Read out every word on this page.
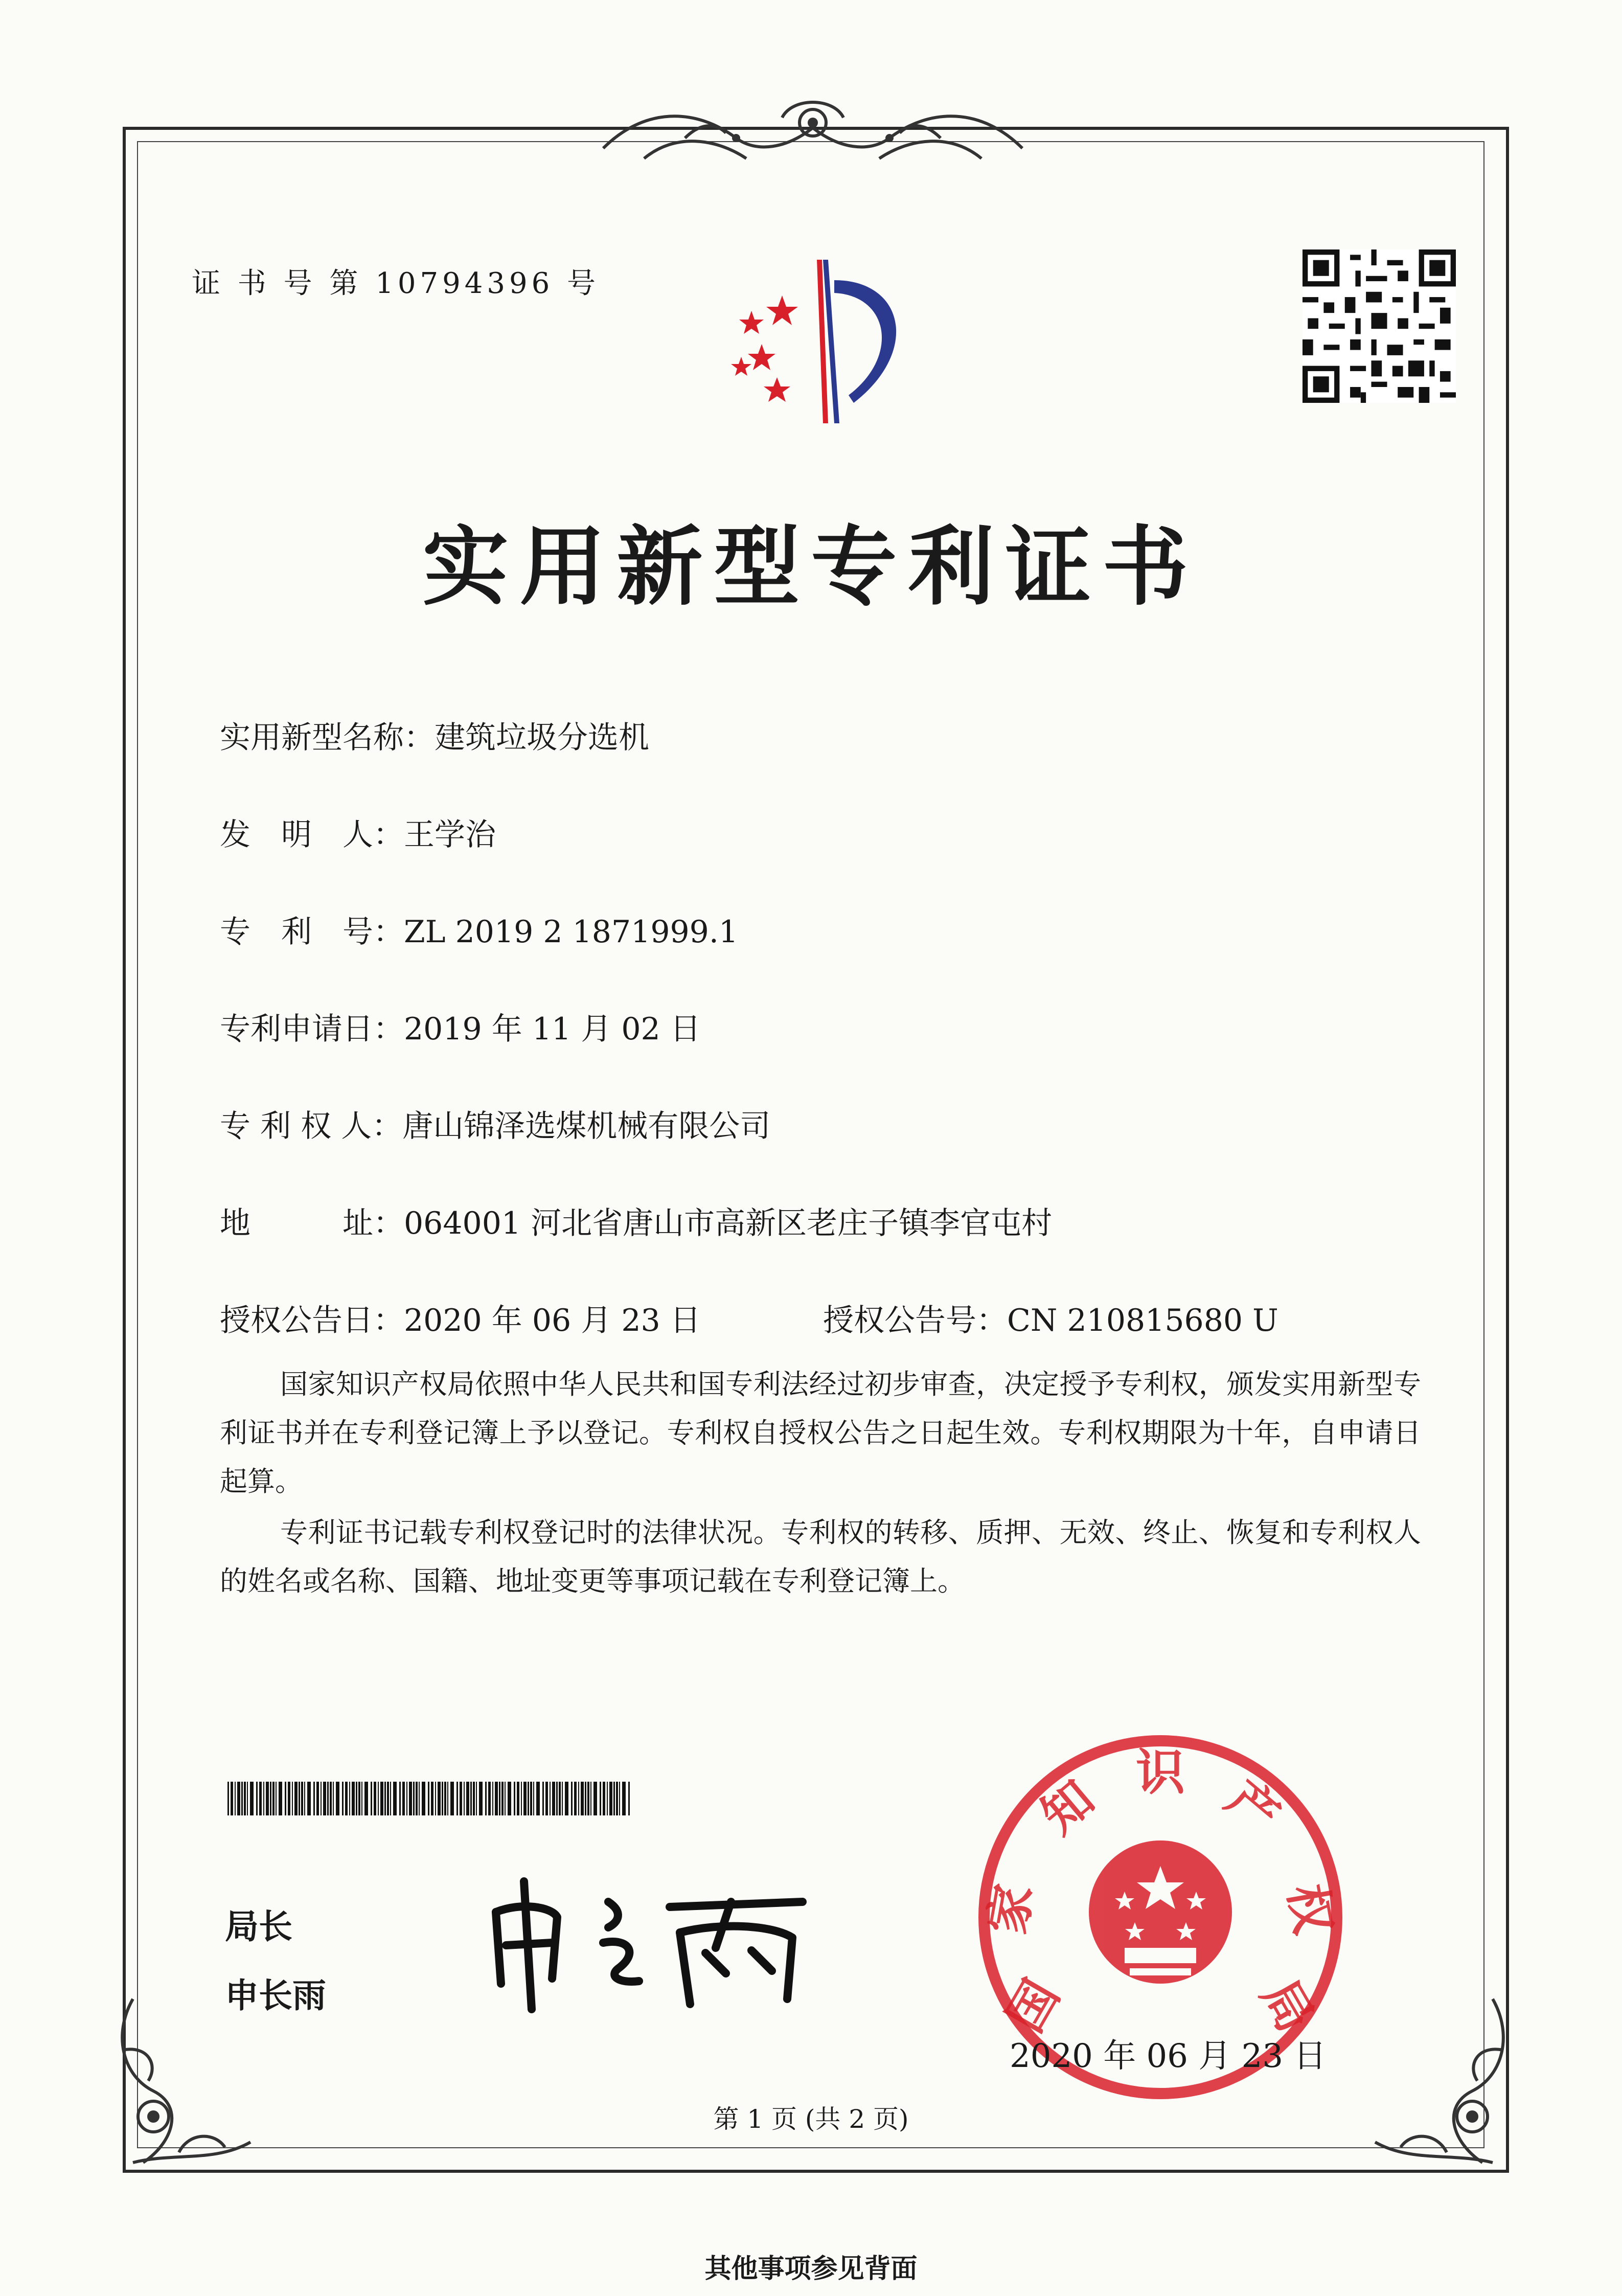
证 书 号 第 10794396 号
实用新型专利证书
实用新型名称：建筑垃圾分选机
发　明　人：王学治
专　利　号：ZL 2019 2 1871999.1
专利申请日：2019 年 11 月 02 日
专 利 权 人：唐山锦泽选煤机械有限公司
地　　　址：064001 河北省唐山市高新区老庄子镇李官屯村
授权公告日：2020 年 06 月 23 日	授权公告号：CN 210815680 U
国家知识产权局依照中华人民共和国专利法经过初步审查，决定授予专利权，颁发实用新型专利证书并在专利登记簿上予以登记。专利权自授权公告之日起生效。专利权期限为十年，自申请日起算。
专利证书记载专利权登记时的法律状况。专利权的转移、质押、无效、终止、恢复和专利权人的姓名或名称、国籍、地址变更等事项记载在专利登记簿上。
局长
申长雨	国
家
知 识 产
权
局
2020 年 06 月 23 日
第 1 页 (共 2 页)
其他事项参见背面
